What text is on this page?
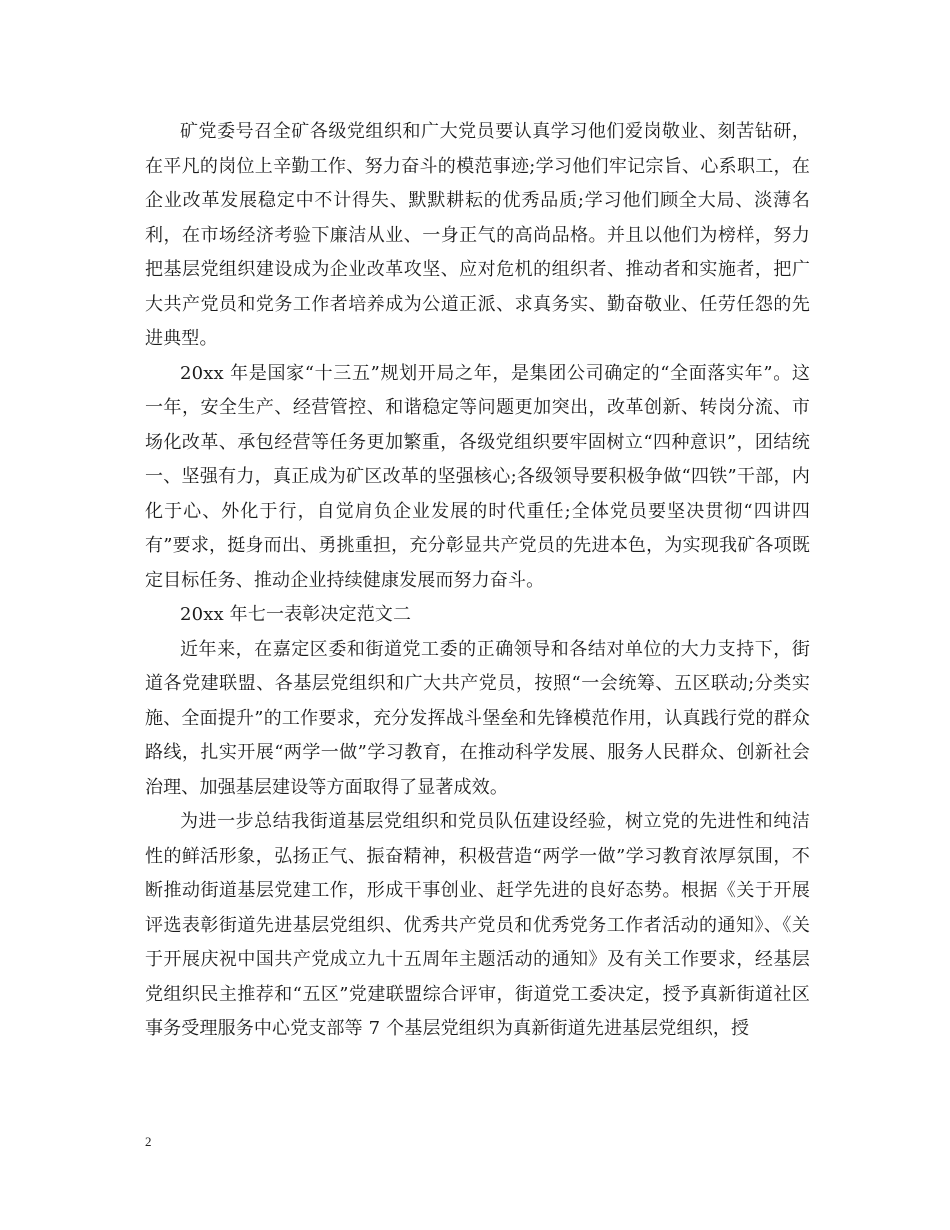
矿党委号召全矿各级党组织和广大党员要认真学习他们爱岗敬业、刻苦钻研，在平凡的岗位上辛勤工作、努力奋斗的模范事迹;学习他们牢记宗旨、心系职工，在企业改革发展稳定中不计得失、默默耕耘的优秀品质;学习他们顾全大局、淡薄名利，在市场经济考验下廉洁从业、一身正气的高尚品格。并且以他们为榜样，努力把基层党组织建设成为企业改革攻坚、应对危机的组织者、推动者和实施者，把广大共产党员和党务工作者培养成为公道正派、求真务实、勤奋敬业、任劳任怨的先进典型。

20xx 年是国家“十三五”规划开局之年，是集团公司确定的“全面落实年”。这一年，安全生产、经营管控、和谐稳定等问题更加突出，改革创新、转岗分流、市场化改革、承包经营等任务更加繁重，各级党组织要牢固树立“四种意识”，团结统一、坚强有力，真正成为矿区改革的坚强核心;各级领导要积极争做“四铁”干部，内化于心、外化于行，自觉肩负企业发展的时代重任;全体党员要坚决贯彻“四讲四有”要求，挺身而出、勇挑重担，充分彰显共产党员的先进本色，为实现我矿各项既定目标任务、推动企业持续健康发展而努力奋斗。

20xx 年七一表彰决定范文二

近年来，在嘉定区委和街道党工委的正确领导和各结对单位的大力支持下，街道各党建联盟、各基层党组织和广大共产党员，按照“一会统筹、五区联动;分类实施、全面提升”的工作要求，充分发挥战斗堡垒和先锋模范作用，认真践行党的群众路线，扎实开展“两学一做”学习教育，在推动科学发展、服务人民群众、创新社会治理、加强基层建设等方面取得了显著成效。

为进一步总结我街道基层党组织和党员队伍建设经验，树立党的先进性和纯洁性的鲜活形象，弘扬正气、振奋精神，积极营造“两学一做”学习教育浓厚氛围，不断推动街道基层党建工作，形成干事创业、赶学先进的良好态势。根据《关于开展评选表彰街道先进基层党组织、优秀共产党员和优秀党务工作者活动的通知》、《关于开展庆祝中国共产党成立九十五周年主题活动的通知》及有关工作要求，经基层党组织民主推荐和“五区”党建联盟综合评审，街道党工委决定，授予真新街道社区事务受理服务中心党支部等 7 个基层党组织为真新街道先进基层党组织，授

2
